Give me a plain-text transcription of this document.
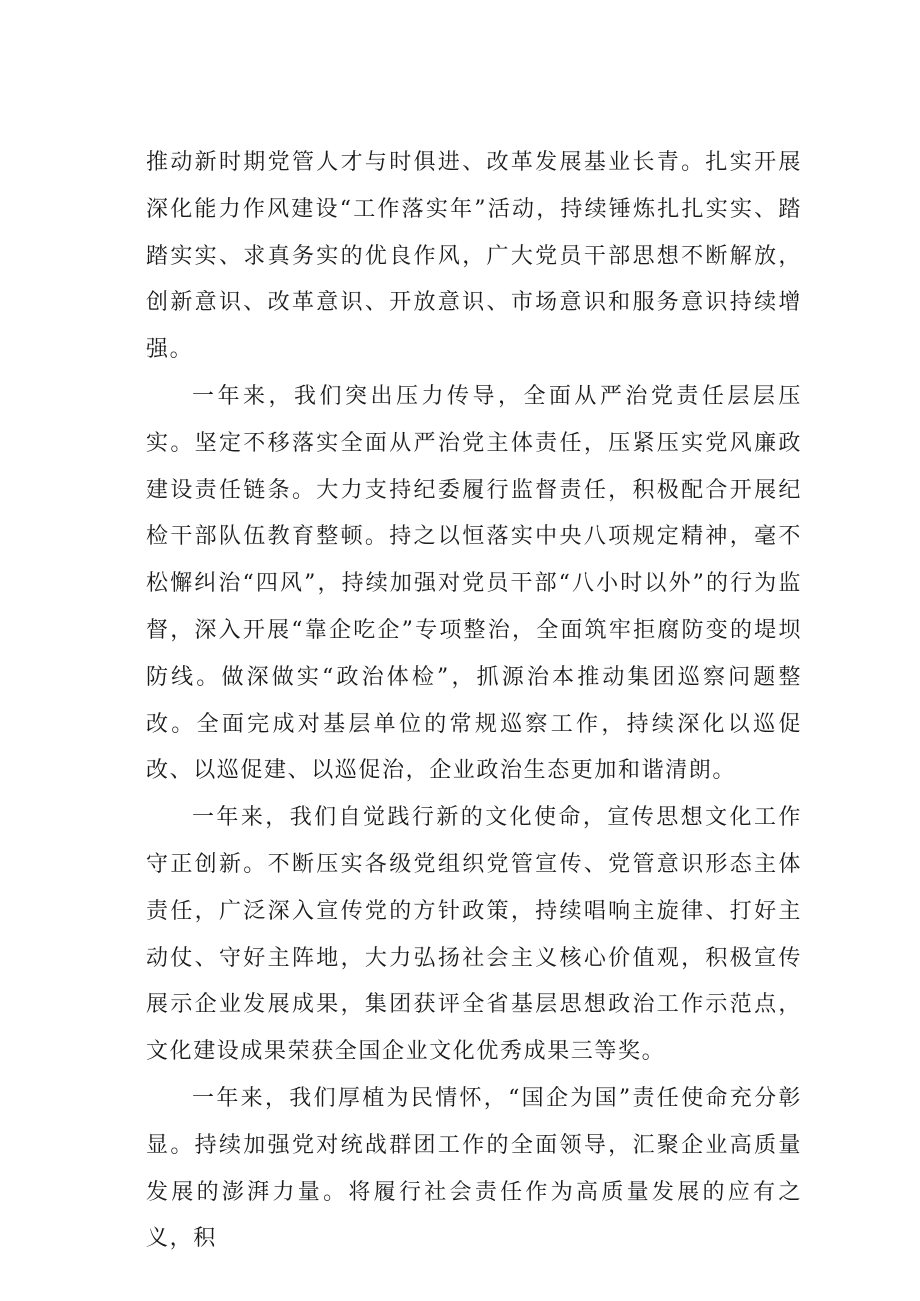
推动新时期党管人才与时俱进、改革发展基业长青。扎实开展深化能力作风建设“工作落实年”活动，持续锤炼扎扎实实、踏踏实实、求真务实的优良作风，广大党员干部思想不断解放，创新意识、改革意识、开放意识、市场意识和服务意识持续增强。

一年来，我们突出压力传导，全面从严治党责任层层压实。坚定不移落实全面从严治党主体责任，压紧压实党风廉政建设责任链条。大力支持纪委履行监督责任，积极配合开展纪检干部队伍教育整顿。持之以恒落实中央八项规定精神，毫不松懈纠治“四风”，持续加强对党员干部“八小时以外”的行为监督，深入开展“靠企吃企”专项整治，全面筑牢拒腐防变的堤坝防线。做深做实“政治体检”，抓源治本推动集团巡察问题整改。全面完成对基层单位的常规巡察工作，持续深化以巡促改、以巡促建、以巡促治，企业政治生态更加和谐清朗。

一年来，我们自觉践行新的文化使命，宣传思想文化工作守正创新。不断压实各级党组织党管宣传、党管意识形态主体责任，广泛深入宣传党的方针政策，持续唱响主旋律、打好主动仗、守好主阵地，大力弘扬社会主义核心价值观，积极宣传展示企业发展成果，集团获评全省基层思想政治工作示范点，文化建设成果荣获全国企业文化优秀成果三等奖。

一年来，我们厚植为民情怀，“国企为国”责任使命充分彰显。持续加强党对统战群团工作的全面领导，汇聚企业高质量发展的澎湃力量。将履行社会责任作为高质量发展的应有之义，积
